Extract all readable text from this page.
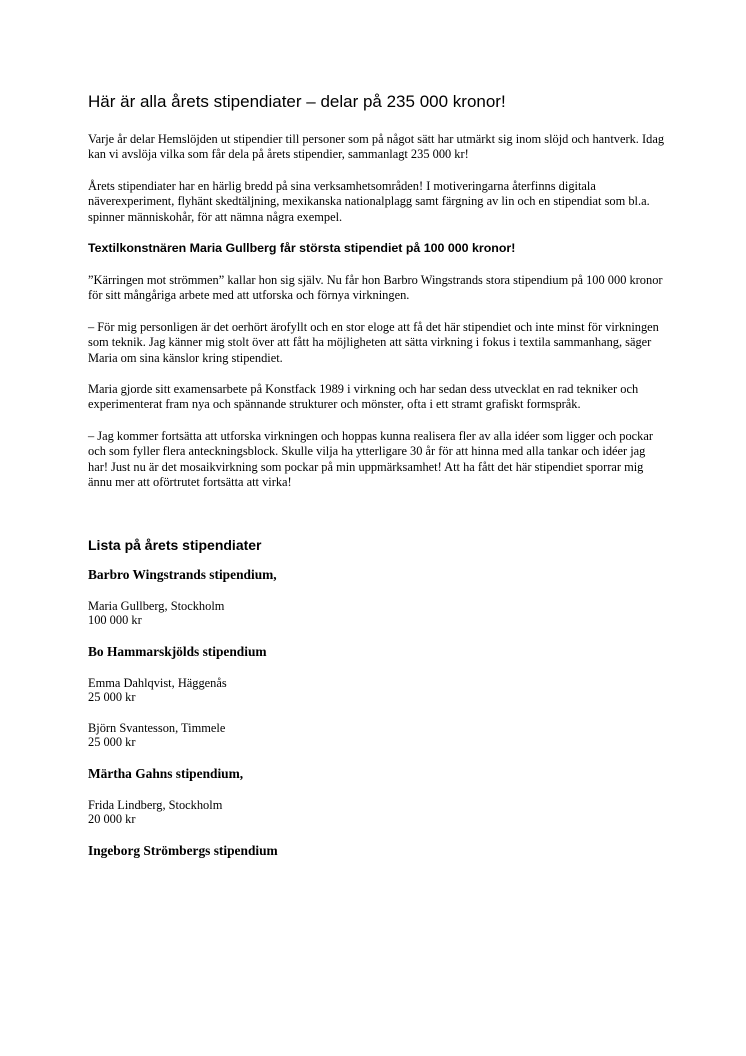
Här är alla årets stipendiater – delar på 235 000 kronor!

Varje år delar Hemslöjden ut stipendier till personer som på något sätt har utmärkt sig inom slöjd och hantverk. Idag kan vi avslöja vilka som får dela på årets stipendier, sammanlagt 235 000 kr!

Årets stipendiater har en härlig bredd på sina verksamhetsområden! I motiveringarna återfinns digitala näverexperiment, flyhänt skedtäljning, mexikanska nationalplagg samt färgning av lin och en stipendiat som bl.a. spinner människohår, för att nämna några exempel.

Textilkonstnären Maria Gullberg får största stipendiet på 100 000 kronor!

”Kärringen mot strömmen” kallar hon sig själv. Nu får hon Barbro Wingstrands stora stipendium på 100 000 kronor för sitt mångåriga arbete med att utforska och förnya virkningen.

– För mig personligen är det oerhört ärofyllt och en stor eloge att få det här stipendiet och inte minst för virkningen som teknik. Jag känner mig stolt över att fått ha möjligheten att sätta virkning i fokus i textila sammanhang, säger Maria om sina känslor kring stipendiet.

Maria gjorde sitt examensarbete på Konstfack 1989 i virkning och har sedan dess utvecklat en rad tekniker och experimenterat fram nya och spännande strukturer och mönster, ofta i ett stramt grafiskt formspråk.

– Jag kommer fortsätta att utforska virkningen och hoppas kunna realisera fler av alla idéer som ligger och pockar och som fyller flera anteckningsblock. Skulle vilja ha ytterligare 30 år för att hinna med alla tankar och idéer jag har! Just nu är det mosaikvirkning som pockar på min uppmärksamhet! Att ha fått det här stipendiet sporrar mig ännu mer att oförtrutet fortsätta att virka!

Lista på årets stipendiater
Barbro Wingstrands stipendium,
Maria Gullberg, Stockholm
100 000 kr
Bo Hammarskjölds stipendium
Emma Dahlqvist, Häggenås
25 000 kr
Björn Svantesson, Timmele
25 000 kr
Märtha Gahns stipendium,
Frida Lindberg, Stockholm
20 000 kr
Ingeborg Strömbergs stipendium
